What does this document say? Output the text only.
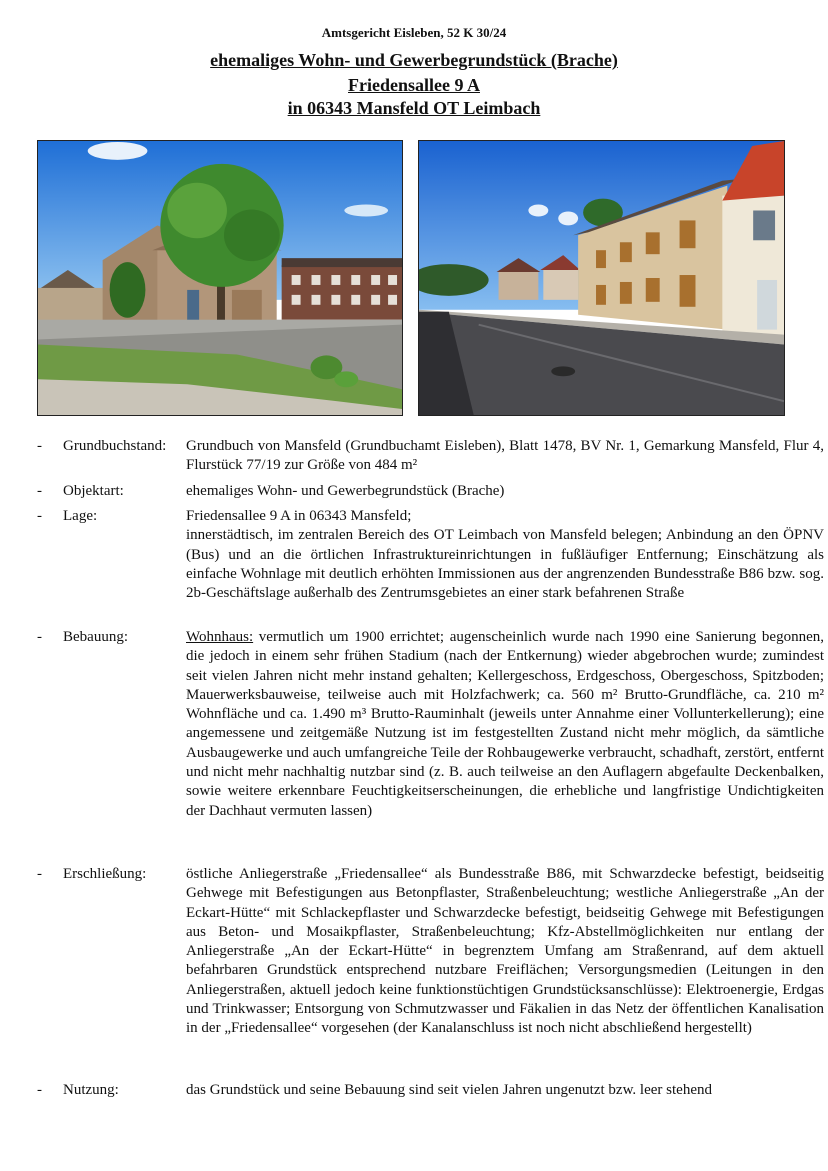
Amtsgericht Eisleben, 52 K 30/24
ehemaliges Wohn- und Gewerbegrundstück (Brache)
Friedensallee 9 A
in 06343 Mansfeld OT Leimbach
-	Grundbuchstand:	Grundbuch von Mansfeld (Grundbuchamt Eisleben), Blatt 1478, BV Nr. 1, Gemarkung Mansfeld, Flur 4, Flurstück 77/19 zur Größe von 484 m²
-	Objektart:	ehemaliges Wohn- und Gewerbegrundstück (Brache)
-	Lage:	Friedensallee 9 A in 06343 Mansfeld;
innerstädtisch, im zentralen Bereich des OT Leimbach von Mansfeld belegen; Anbindung an den ÖPNV (Bus) und an die örtlichen Infrastruktureinrichtungen in fußläufiger Entfernung; Einschätzung als einfache Wohnlage mit deutlich erhöhten Immissionen aus der angrenzenden Bundesstraße B86 bzw. sog. 2b-Geschäftslage außerhalb des Zentrumsgebietes an einer stark befahrenen Straße
-	Bebauung:	Wohnhaus: vermutlich um 1900 errichtet; augenscheinlich wurde nach 1990 eine Sanierung begonnen, die jedoch in einem sehr frühen Stadium (nach der Entkernung) wieder abgebrochen wurde; zumindest seit vielen Jahren nicht mehr instand gehalten; Kellergeschoss, Erdgeschoss, Obergeschoss, Spitzboden; Mauerwerksbauweise, teilweise auch mit Holzfachwerk; ca. 560 m² Brutto-Grundfläche, ca. 210 m² Wohnfläche und ca. 1.490 m³ Brutto-Rauminhalt (jeweils unter Annahme einer Vollunterkellerung); eine angemessene und zeitgemäße Nutzung ist im festgestellten Zustand nicht mehr möglich, da sämtliche Ausbaugewerke und auch umfangreiche Teile der Rohbaugewerke verbraucht, schadhaft, zerstört, entfernt und nicht mehr nachhaltig nutzbar sind (z. B. auch teilweise an den Auflagern abgefaulte Deckenbalken, sowie weitere erkennbare Feuchtigkeitserscheinungen, die erhebliche und langfristige Undichtigkeiten der Dachhaut vermuten lassen)
-	Erschließung:	östliche Anliegerstraße „Friedensallee“ als Bundesstraße B86, mit Schwarzdecke befestigt, beidseitig Gehwege mit Befestigungen aus Betonpflaster, Straßenbeleuchtung; westliche Anliegerstraße „An der Eckart-Hütte“ mit Schlackepflaster und Schwarzdecke befestigt, beidseitig Gehwege mit Befestigungen aus Beton- und Mosaikpflaster, Straßenbeleuchtung; Kfz-Abstellmöglichkeiten nur entlang der Anliegerstraße „An der Eckart-Hütte“ in begrenztem Umfang am Straßenrand, auf dem aktuell befahrbaren Grundstück entsprechend nutzbare Freiflächen; Versorgungsmedien (Leitungen in den Anliegerstraßen, aktuell jedoch keine funktionstüchtigen Grundstücksanschlüsse): Elektroenergie, Erdgas und Trinkwasser; Entsorgung von Schmutzwasser und Fäkalien in das Netz der öffentlichen Kanalisation in der „Friedensallee“ vorgesehen (der Kanalanschluss ist noch nicht abschließend hergestellt)
-	Nutzung:	das Grundstück und seine Bebauung sind seit vielen Jahren ungenutzt bzw. leer stehend
